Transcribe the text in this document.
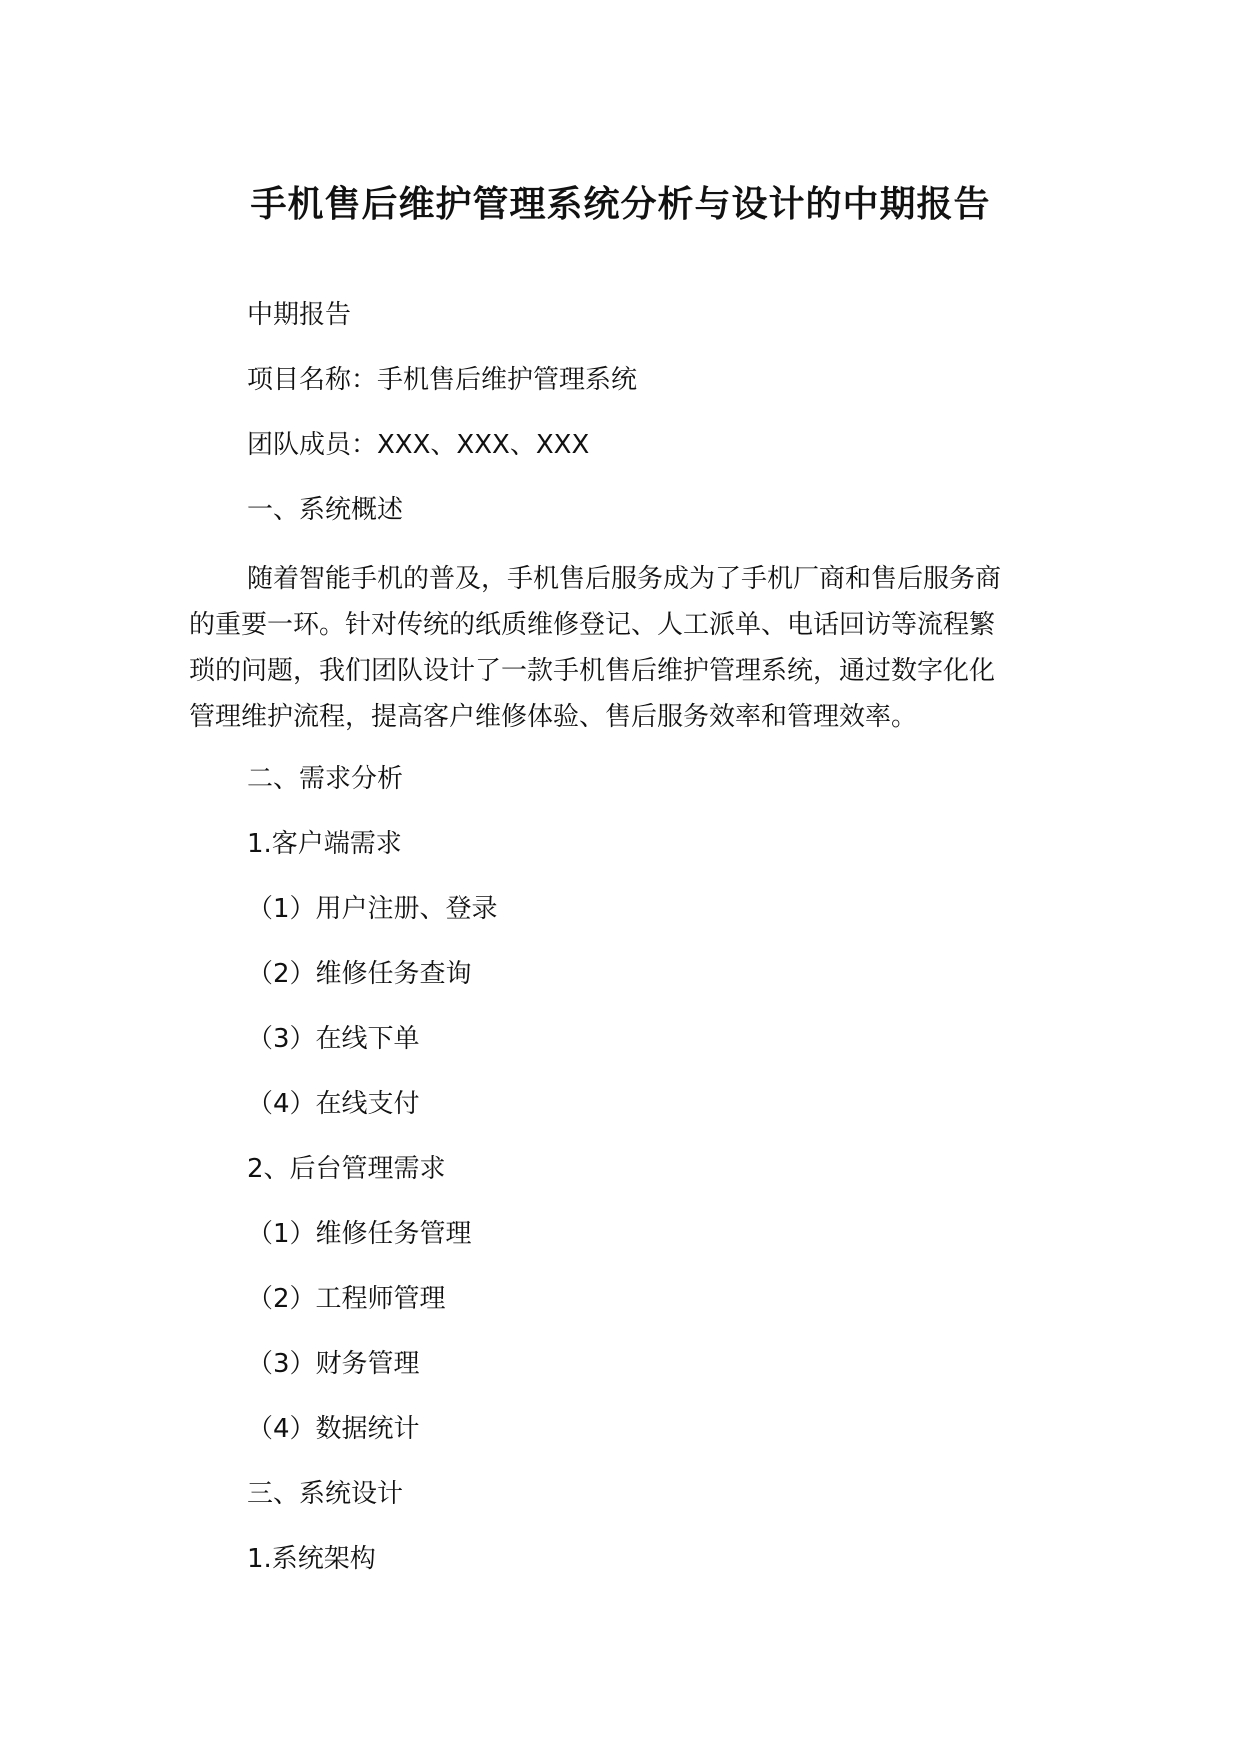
手机售后维护管理系统分析与设计的中期报告
中期报告
项目名称：手机售后维护管理系统
团队成员：XXX、XXX、XXX
一、系统概述
随着智能手机的普及，手机售后服务成为了手机厂商和售后服务商
的重要一环。针对传统的纸质维修登记、人工派单、电话回访等流程繁
琐的问题，我们团队设计了一款手机售后维护管理系统，通过数字化化
管理维护流程，提高客户维修体验、售后服务效率和管理效率。
二、需求分析
1.客户端需求
（1）用户注册、登录
（2）维修任务查询
（3）在线下单
（4）在线支付
2、后台管理需求
（1）维修任务管理
（2）工程师管理
（3）财务管理
（4）数据统计
三、系统设计
1.系统架构
